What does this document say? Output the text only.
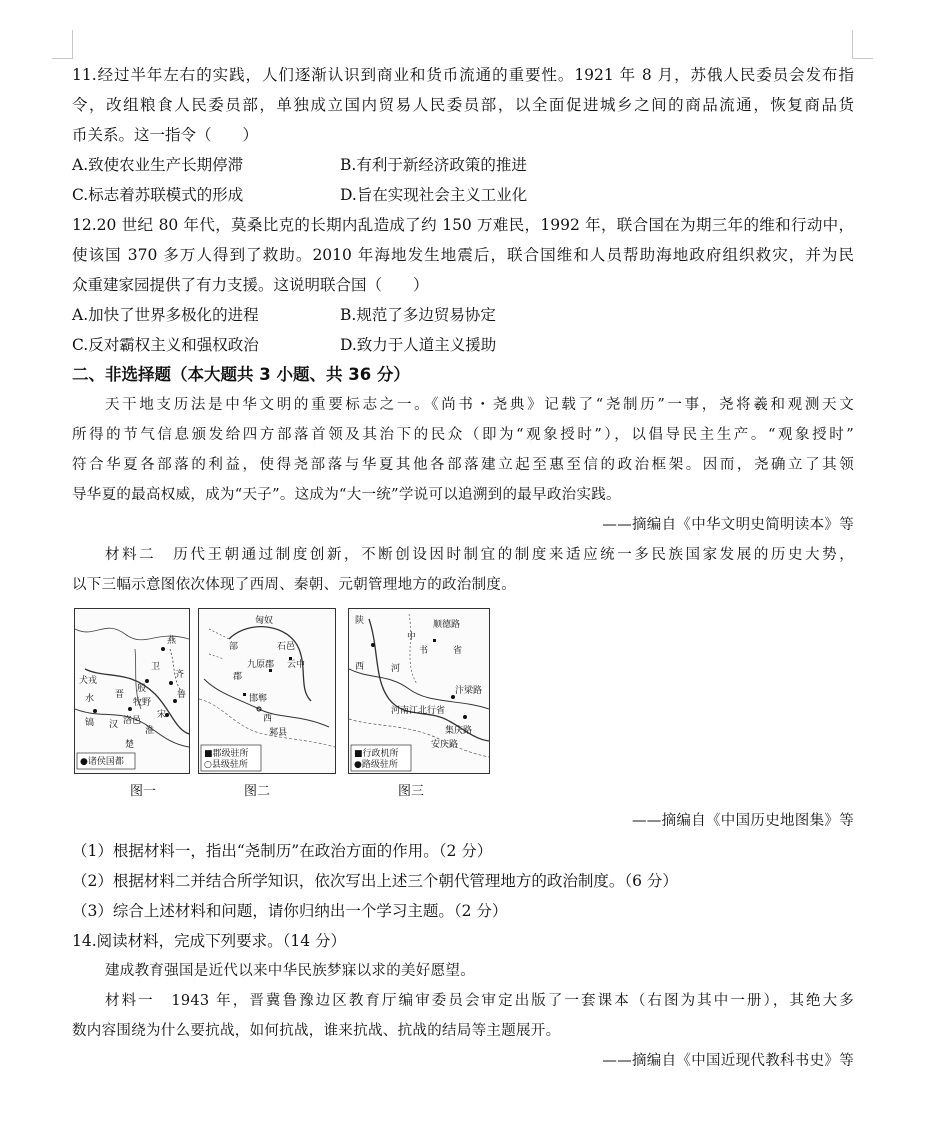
11.经过半年左右的实践，人们逐渐认识到商业和货币流通的重要性。1921 年 8 月，苏俄人民委员会发布指
令，改组粮食人民委员部，单独成立国内贸易人民委员部，以全面促进城乡之间的商品流通，恢复商品货
币关系。这一指令（　　）
A.致使农业生产长期停滞	B.有利于新经济政策的推进
C.标志着苏联模式的形成	D.旨在实现社会主义工业化
12.20 世纪 80 年代，莫桑比克的长期内乱造成了约 150 万难民，1992 年，联合国在为期三年的维和行动中，
使该国 370 多万人得到了救助。2010 年海地发生地震后，联合国维和人员帮助海地政府组织救灾，并为民
众重建家园提供了有力支援。这说明联合国（　　）
A.加快了世界多极化的进程	B.规范了多边贸易协定
C.反对霸权主义和强权政治	D.致力于人道主义援助
二、非选择题（本大题共 3 小题、共 36 分）
天干地支历法是中华文明的重要标志之一。《尚书・尧典》记载了“尧制历”一事，尧将羲和观测天文
所得的节气信息颁发给四方部落首领及其治下的民众（即为“观象授时”），以倡导民主生产。“观象授时”
符合华夏各部落的利益，使得尧部落与华夏其他各部落建立起至惠至信的政治框架。因而，尧确立了其领
导华夏的最高权威，成为“天子”。这成为“大一统”学说可以追溯到的最早政治实践。
——摘编自《中华文明史简明读本》等
材料二　历代王朝通过制度创新，不断创设因时制宜的制度来适应统一多民族国家发展的历史大势，
以下三幅示意图依次体现了西周、秦朝、元朝管理地方的政治制度。
燕
犬戎
水
卫
殷
齐
鲁
宋
洛邑
镐 汉
淮
楚
牧野
晋
●诸侯国都
图一
匈奴
部	石邑
九原郡
邯郸
西
邾县
云中
郡
■郡级驻所
○县级驻所
图二
陕
中
书
顺德路
西	河
省
汴梁路
河南江北行省
集庆路
安庆路
■行政机所
●路级驻所
图三
——摘编自《中国历史地图集》等
（1）根据材料一，指出“尧制历”在政治方面的作用。（2 分）
（2）根据材料二并结合所学知识，依次写出上述三个朝代管理地方的政治制度。（6 分）
（3）综合上述材料和问题，请你归纳出一个学习主题。（2 分）
14.阅读材料，完成下列要求。（14 分）
建成教育强国是近代以来中华民族梦寐以求的美好愿望。
材料一　1943 年，晋冀鲁豫边区教育厅编审委员会审定出版了一套课本（右图为其中一册），其绝大多
数内容围绕为什么要抗战，如何抗战，谁来抗战、抗战的结局等主题展开。
——摘编自《中国近现代教科书史》等
